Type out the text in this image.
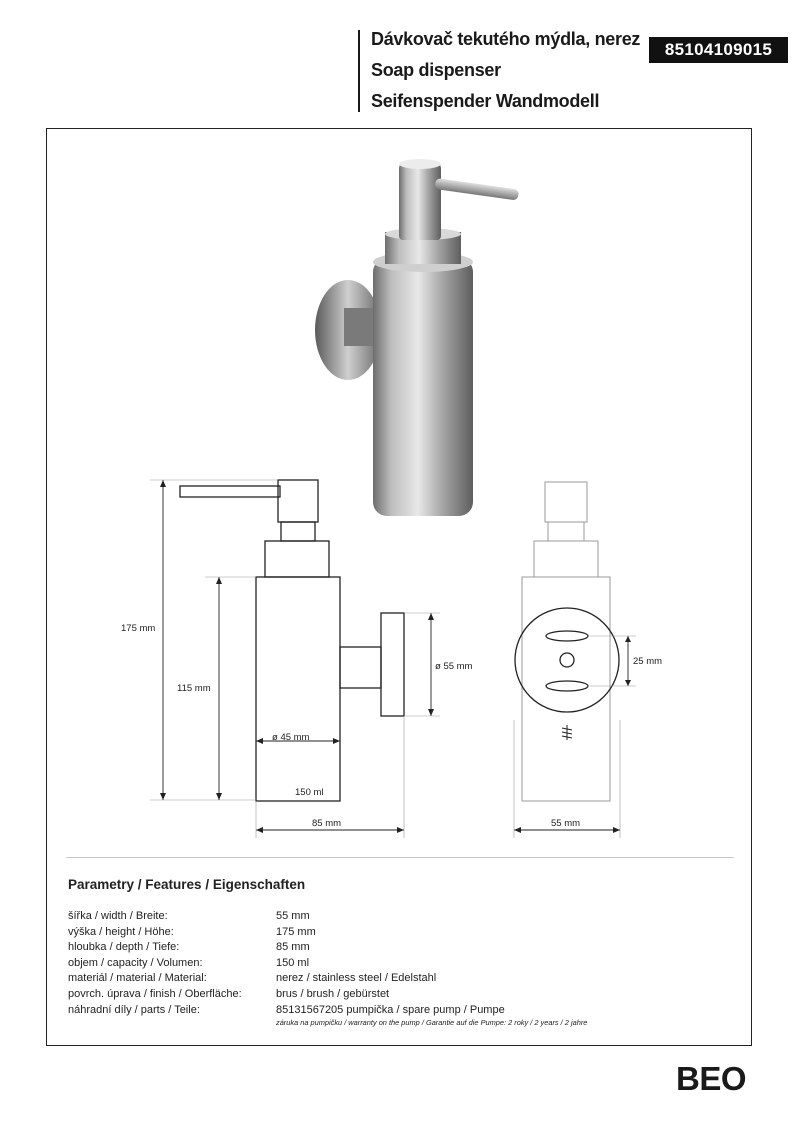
Dávkovač tekutého mýdla, nerez
Soap dispenser
Seifenspender Wandmodell
85104109015
175 mm
115 mm
ø 45 mm
150 ml
ø 55 mm	25 mm
85 mm	55 mm
Parametry / Features / Eigenschaften
šířka / width / Breite:	55 mm
výška / height / Höhe:	175 mm
hloubka / depth / Tiefe:	85 mm
objem / capacity / Volumen:	150 ml
materiál / material / Material:	nerez / stainless steel / Edelstahl
povrch. úprava / finish / Oberfläche:	brus / brush / gebürstet
náhradní díly / parts / Teile:	85131567205 pumpička / spare pump / Pumpe
záruka na pumpičku / warranty on the pump / Garantie auf die Pumpe: 2 roky / 2 years / 2 jahre
BEO
